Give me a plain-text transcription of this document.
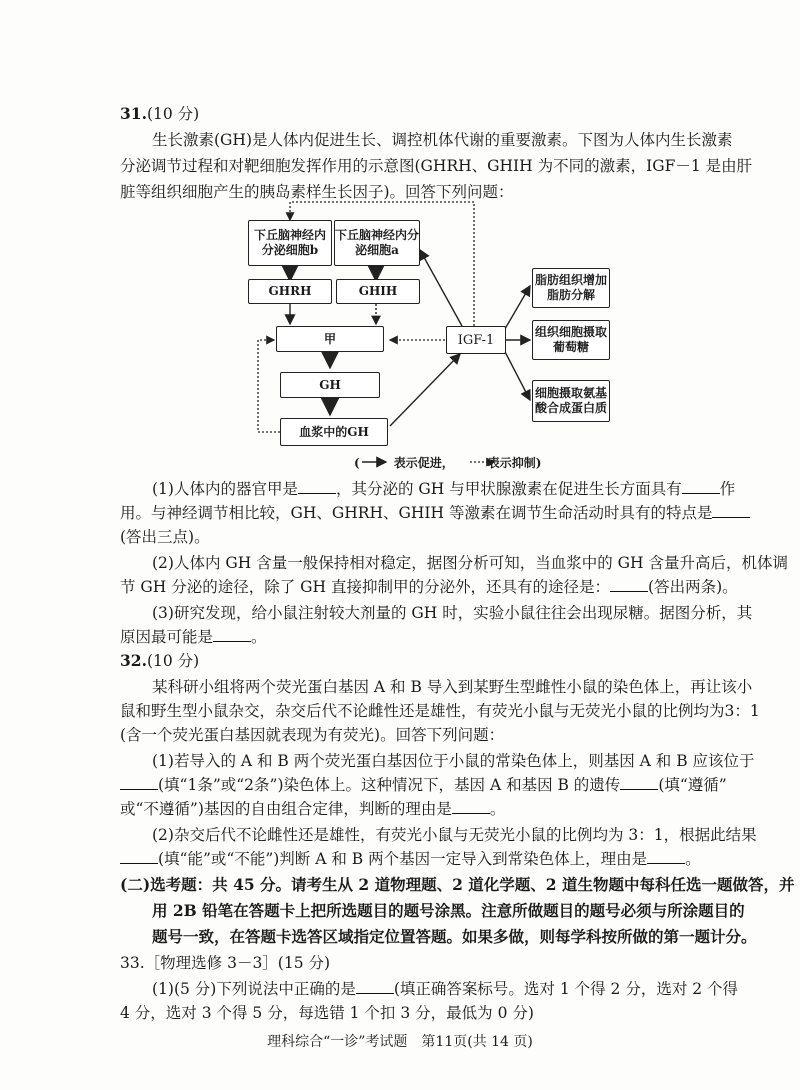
31.(10 分)
生长激素(GH)是人体内促进生长、调控机体代谢的重要激素。下图为人体内生长激素
分泌调节过程和对靶细胞发挥作用的示意图(GHRH、GHIH 为不同的激素，IGF－1 是由肝
脏等组织细胞产生的胰岛素样生长因子)。回答下列问题：
下丘脑神经内分泌细胞b
下丘脑神经内分泌细胞a
GHRH	GHIH
甲
GH
血浆中的GH
IGF-1
脂肪组织增加脂肪分解
组织细胞摄取葡萄糖
细胞摄取氨基酸合成蛋白质
(	表示促进，	表示抑制)
(1)人体内的器官甲是 ，其分泌的 GH 与甲状腺激素在促进生长方面具有 作
用。与神经调节相比较，GH、GHRH、GHIH 等激素在调节生命活动时具有的特点是
(答出三点)。
(2)人体内 GH 含量一般保持相对稳定，据图分析可知，当血浆中的 GH 含量升高后，机体调
节 GH 分泌的途径，除了 GH 直接抑制甲的分泌外，还具有的途径是： (答出两条)。
(3)研究发现，给小鼠注射较大剂量的 GH 时，实验小鼠往往会出现尿糖。据图分析，其
原因最可能是 。
32.(10 分)
某科研小组将两个荧光蛋白基因 A 和 B 导入到某野生型雌性小鼠的染色体上，再让该小
鼠和野生型小鼠杂交，杂交后代不论雌性还是雄性，有荧光小鼠与无荧光小鼠的比例均为3：1
(含一个荧光蛋白基因就表现为有荧光)。回答下列问题：
(1)若导入的 A 和 B 两个荧光蛋白基因位于小鼠的常染色体上，则基因 A 和 B 应该位于
(填“1条”或“2条”)染色体上。这种情况下，基因 A 和基因 B 的遗传 (填“遵循”
或“不遵循”)基因的自由组合定律，判断的理由是 。
(2)杂交后代不论雌性还是雄性，有荧光小鼠与无荧光小鼠的比例均为 3：1，根据此结果
(填“能”或“不能”)判断 A 和 B 两个基因一定导入到常染色体上，理由是 。
(二)选考题：共 45 分。请考生从 2 道物理题、2 道化学题、2 道生物题中每科任选一题做答，并
用 2B 铅笔在答题卡上把所选题目的题号涂黑。注意所做题目的题号必须与所涂题目的
题号一致，在答题卡选答区域指定位置答题。如果多做，则每学科按所做的第一题计分。
33.［物理选修 3－3］(15 分)
(1)(5 分)下列说法中正确的是 (填正确答案标号。选对 1 个得 2 分，选对 2 个得
4 分，选对 3 个得 5 分，每选错 1 个扣 3 分，最低为 0 分)
理科综合“一诊”考试题　第11页(共 14 页)
